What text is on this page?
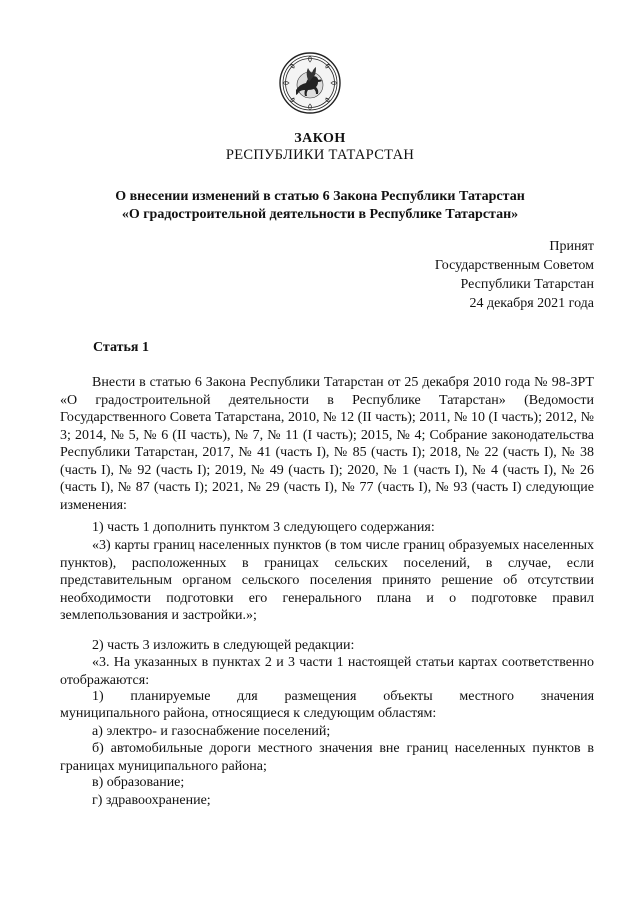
ЗАКОН
РЕСПУБЛИКИ ТАТАРСТАН
О внесении изменений в статью 6 Закона Республики Татарстан
«О градостроительной деятельности в Республике Татарстан»
Принят
Государственным Советом
Республики Татарстан
24 декабря 2021 года
Статья 1
Внести в статью 6 Закона Республики Татарстан от 25 декабря 2010 года № 98-ЗРТ «О градостроительной деятельности в Республике Татарстан» (Ведомости Государственного Совета Татарстана, 2010, № 12 (II часть); 2011, № 10 (I часть); 2012, № 3; 2014, № 5, № 6 (II часть), № 7, № 11 (I часть); 2015, № 4; Собрание законодательства Республики Татарстан, 2017, № 41 (часть I), № 85 (часть I); 2018, № 22 (часть I), № 38 (часть I), № 92 (часть I); 2019, № 49 (часть I); 2020, № 1 (часть I), № 4 (часть I), № 26 (часть I), № 87 (часть I); 2021, № 29 (часть I), № 77 (часть I), № 93 (часть I) следующие изменения:
1) часть 1 дополнить пунктом 3 следующего содержания:
«3) карты границ населенных пунктов (в том числе границ образуемых населенных пунктов), расположенных в границах сельских поселений, в случае, если представительным органом сельского поселения принято решение об отсутствии необходимости подготовки его генерального плана и о подготовке правил землепользования и застройки.»;
2) часть 3 изложить в следующей редакции:
«3. На указанных в пунктах 2 и 3 части 1 настоящей статьи картах соответственно отображаются:
1) планируемые для размещения объекты местного значения
муниципального района, относящиеся к следующим областям:
а) электро- и газоснабжение поселений;
б) автомобильные дороги местного значения вне границ населенных пунктов в границах муниципального района;
в) образование;
г) здравоохранение;
